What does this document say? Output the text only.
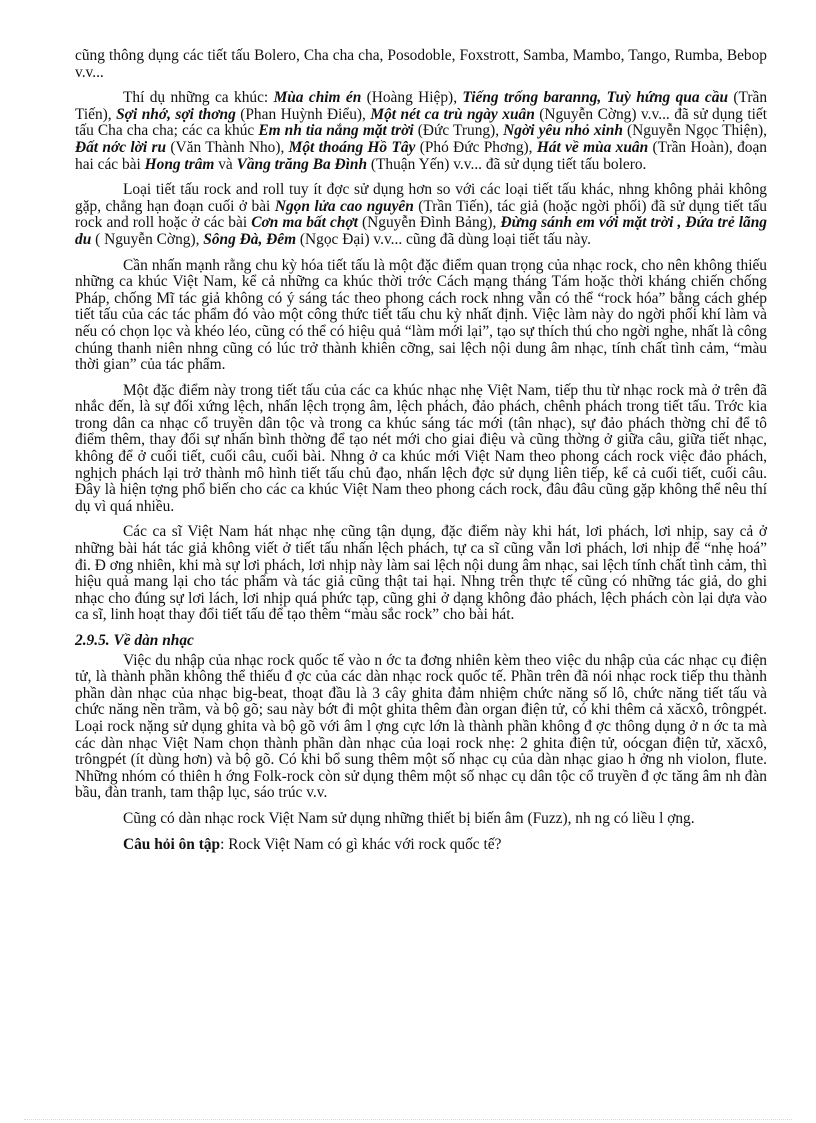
cũng thông dụng các tiết tấu Bolero, Cha cha cha, Posodoble, Foxstrott, Samba, Mambo, Tango, Rumba, Bebop v.v...

Thí dụ những ca khúc: Mùa chim én (Hoàng Hiệp), Tiếng trống baranng, Tuỳ hứng qua cầu (Trần Tiến), Sợi nhớ, sợi thơng (Phan Huỳnh Điểu), Một nét ca trù ngày xuân (Nguyễn Cờng) v.v... đã sử dụng tiết tấu Cha cha cha; các ca khúc Em nh tia nắng mặt trời (Đức Trung), Ngời yêu nhỏ xinh (Nguyễn Ngọc Thiện), Đất nớc lời ru (Văn Thành Nho), Một thoáng Hồ Tây (Phó Đức Phơng), Hát về mùa xuân (Trần Hoàn), đoạn hai các bài Hong trâm và Vầng trăng Ba Đình (Thuận Yến) v.v... đã sử dụng tiết tấu bolero.

Loại tiết tấu rock and roll tuy ít đợc sử dụng hơn so với các loại tiết tấu khác, nhng không phải không gặp, chẳng hạn đoạn cuối ở bài Ngọn lửa cao nguyên (Trần Tiến), tác giả (hoặc ngời phối) đã sử dụng tiết tấu rock and roll hoặc ở các bài Cơn ma bất chợt (Nguyễn Đình Bảng), Đừng sánh em với mặt trời , Đứa trẻ lãng du ( Nguyễn Cờng), Sông Đà, Đêm (Ngọc Đại) v.v... cũng đã dùng loại tiết tấu này.

Cần nhấn mạnh rằng chu kỳ hóa tiết tấu là một đặc điểm quan trọng của nhạc rock, cho nên không thiếu những ca khúc Việt Nam, kể cả những ca khúc thời trớc Cách mạng tháng Tám hoặc thời kháng chiến chống Pháp, chống Mĩ tác giả không có ý sáng tác theo phong cách rock nhng vẫn có thể “rock hóa” bằng cách ghép tiết tấu của các tác phẩm đó vào một công thức tiết tấu chu kỳ nhất định. Việc làm này do ngời phối khí làm và nếu có chọn lọc và khéo léo, cũng có thể có hiệu quả “làm mới lại”, tạo sự thích thú cho ngời nghe, nhất là công chúng thanh niên nhng cũng có lúc trở thành khiên cỡng, sai lệch nội dung âm nhạc, tính chất tình cảm, “màu thời gian” của tác phẩm.

Một đặc điểm này trong tiết tấu của các ca khúc nhạc nhẹ Việt Nam, tiếp thu từ nhạc rock mà ở trên đã nhắc đến, là sự đối xứng lệch, nhấn lệch trọng âm, lệch phách, đảo phách, chênh phách trong tiết tấu. Trớc kia trong dân ca nhạc cổ truyền dân tộc và trong ca khúc sáng tác mới (tân nhạc), sự đảo phách thờng chỉ để tô điểm thêm, thay đổi sự nhấn bình thờng để tạo nét mới cho giai điệu và cũng thờng ở giữa câu, giữa tiết nhạc, không để ở cuối tiết, cuối câu, cuối bài. Nhng ở ca khúc mới Việt Nam theo phong cách rock việc đảo phách, nghịch phách lại trở thành mô hình tiết tấu chủ đạo, nhấn lệch đợc sử dụng liên tiếp, kể cả cuối tiết, cuối câu. Đây là hiện tợng phổ biến cho các ca khúc Việt Nam theo phong cách rock, đâu đâu cũng gặp không thể nêu thí dụ vì quá nhiều.

Các ca sĩ Việt Nam hát nhạc nhẹ cũng tận dụng, đặc điểm này khi hát, lơi phách, lơi nhịp, say cả ở những bài hát tác giả không viết ở tiết tấu nhấn lệch phách, tự ca sĩ cũng vẫn lơi phách, lơi nhịp để “nhẹ hoá” đi. Đ ơng nhiên, khi mà sự lơi phách, lơi nhịp này làm sai lệch nội dung âm nhạc, sai lệch tính chất tình cảm, thì hiệu quả mang lại cho tác phẩm và tác giả cũng thật tai hại. Nhng trên thực tế cũng có những tác giả, do ghi nhạc cho đúng sự lơi lách, lơi nhịp quá phức tạp, cũng ghi ở dạng không đảo phách, lệch phách còn lại dựa vào ca sĩ, linh hoạt thay đổi tiết tấu để tạo thêm “màu sắc rock” cho bài hát.

2.9.5. Về dàn nhạc

Việc du nhập của nhạc rock quốc tế vào n ớc ta đơng nhiên kèm theo việc du nhập của các nhạc cụ điện tử, là thành phần không thể thiếu đ ợc của các dàn nhạc rock quốc tế. Phần trên đã nói nhạc rock tiếp thu thành phần dàn nhạc của nhạc big-beat, thoạt đầu là 3 cây ghita đảm nhiệm chức năng số lô, chức năng tiết tấu và chức năng nền trầm, và bộ gõ; sau này bớt đi một ghita thêm đàn organ điện tử, có khi thêm cả xăcxô, trôngpét. Loại rock nặng sử dụng ghita và bộ gõ với âm l ợng cực lớn là thành phần không đ ợc thông dụng ở n ớc ta mà các dàn nhạc Việt Nam chọn thành phần dàn nhạc của loại rock nhẹ: 2 ghita điện tử, oócgan điện tử, xăcxô, trôngpét (ít dùng hơn) và bộ gõ. Có khi bổ sung thêm một số nhạc cụ của dàn nhạc giao h ởng nh violon, flute. Những nhóm có thiên h ớng Folk-rock còn sử dụng thêm một số nhạc cụ dân tộc cổ truyền đ ợc tăng âm nh đàn bầu, đàn tranh, tam thập lục, sáo trúc v.v.

Cũng có dàn nhạc rock Việt Nam sử dụng những thiết bị biến âm (Fuzz), nh ng có liều l ợng.

Câu hỏi ôn tập: Rock Việt Nam có gì khác với rock quốc tế?
